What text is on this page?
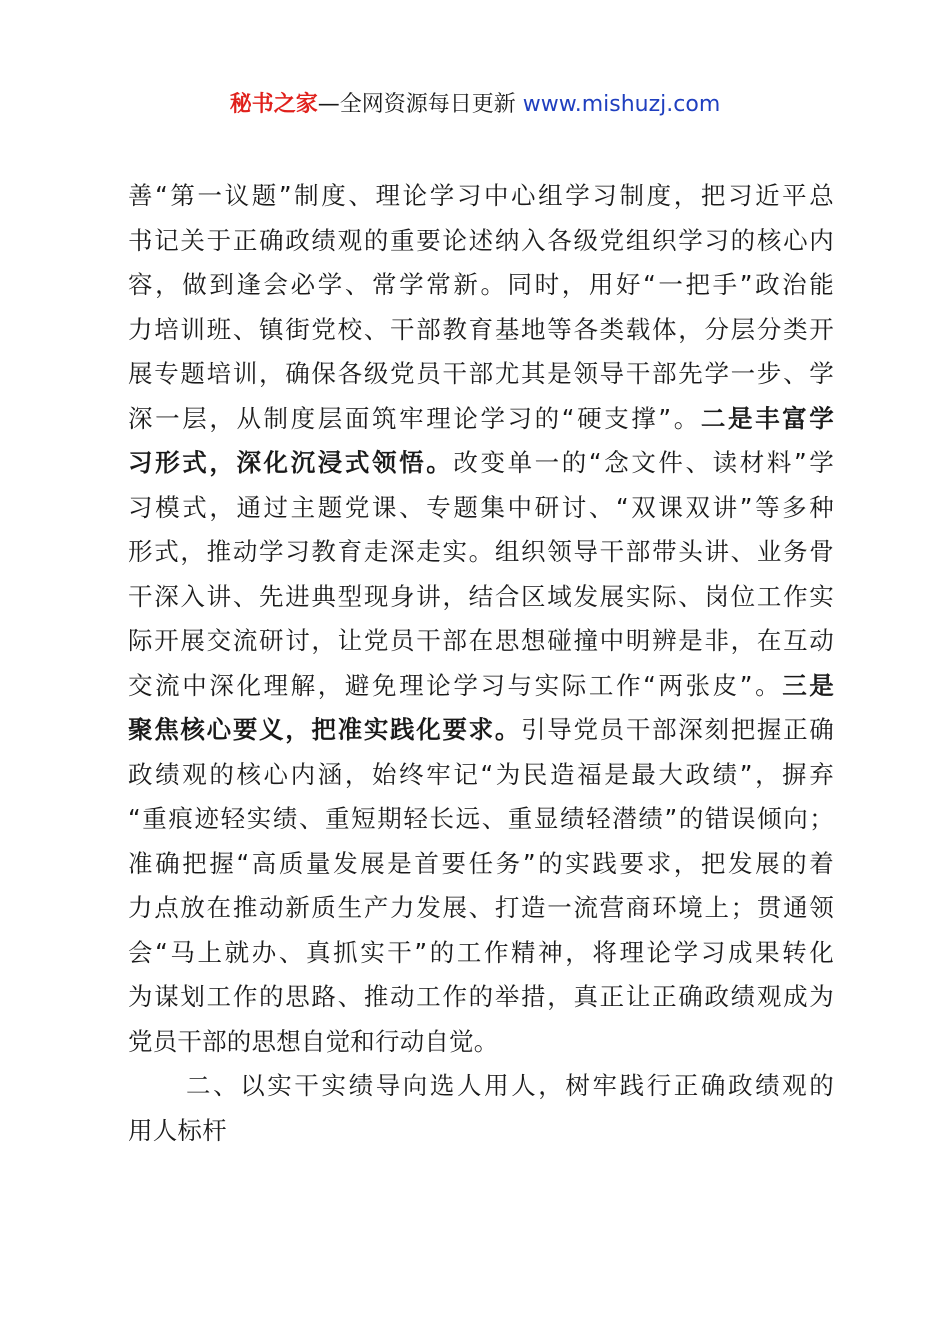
秘书之家—全网资源每日更新 www.mishuzj.com
善“第一议题”制度、理论学习中心组学习制度，把习近平总
书记关于正确政绩观的重要论述纳入各级党组织学习的核心内
容，做到逢会必学、常学常新。同时，用好“一把手”政治能
力培训班、镇街党校、干部教育基地等各类载体，分层分类开
展专题培训，确保各级党员干部尤其是领导干部先学一步、学
深一层，从制度层面筑牢理论学习的“硬支撑”。二是丰富学
习形式，深化沉浸式领悟。改变单一的“念文件、读材料”学
习模式，通过主题党课、专题集中研讨、“双课双讲”等多种
形式，推动学习教育走深走实。组织领导干部带头讲、业务骨
干深入讲、先进典型现身讲，结合区域发展实际、岗位工作实
际开展交流研讨，让党员干部在思想碰撞中明辨是非，在互动
交流中深化理解，避免理论学习与实际工作“两张皮”。三是
聚焦核心要义，把准实践化要求。引导党员干部深刻把握正确
政绩观的核心内涵，始终牢记“为民造福是最大政绩”，摒弃
“重痕迹轻实绩、重短期轻长远、重显绩轻潜绩”的错误倾向；
准确把握“高质量发展是首要任务”的实践要求，把发展的着
力点放在推动新质生产力发展、打造一流营商环境上；贯通领
会“马上就办、真抓实干”的工作精神，将理论学习成果转化
为谋划工作的思路、推动工作的举措，真正让正确政绩观成为
党员干部的思想自觉和行动自觉。
二、以实干实绩导向选人用人，树牢践行正确政绩观的
用人标杆
